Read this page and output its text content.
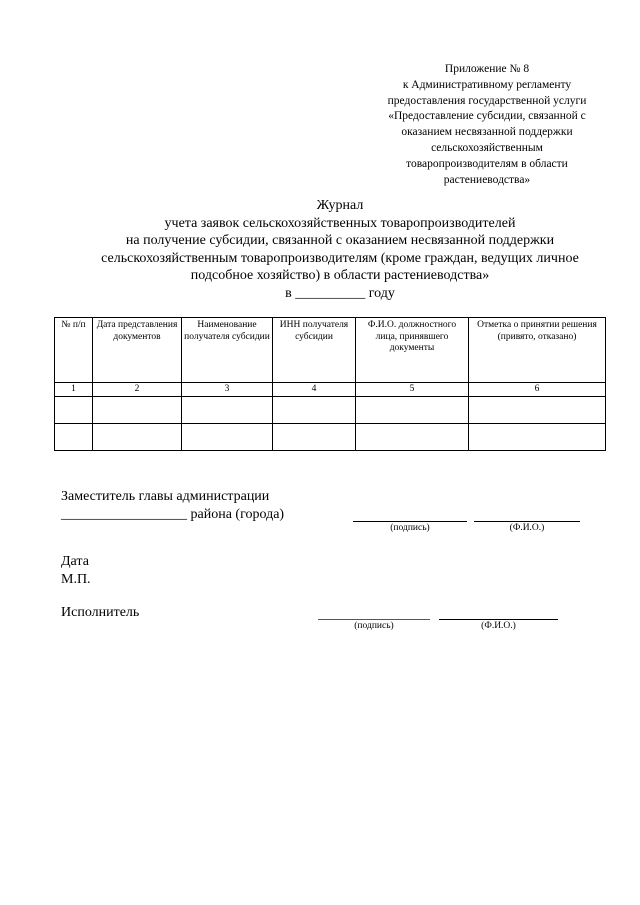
Приложение № 8
к Административному регламенту
предоставления государственной услуги
«Предоставление субсидии, связанной с
оказанием несвязанной поддержки
сельскохозяйственным
товаропроизводителям в области
растениеводства»
Журнал
учета заявок сельскохозяйственных товаропроизводителей
на получение субсидии, связанной с оказанием несвязанной поддержки
сельскохозяйственным товаропроизводителям (кроме граждан, ведущих личное
подсобное хозяйство) в области растениеводства»
в __________ году
№ п/п	Дата представления документов	Наименование получателя субсидии	ИНН получателя субсидии	Ф.И.О. должностного лица, принявшего документы	Отметка о принятии решения (привято, отказано)
1	2	3	4	5	6

Заместитель главы администрации
__________________ района (города)
(подпись)	(Ф.И.О.)
Дата
М.П.
Исполнитель
(подпись)	(Ф.И.О.)
